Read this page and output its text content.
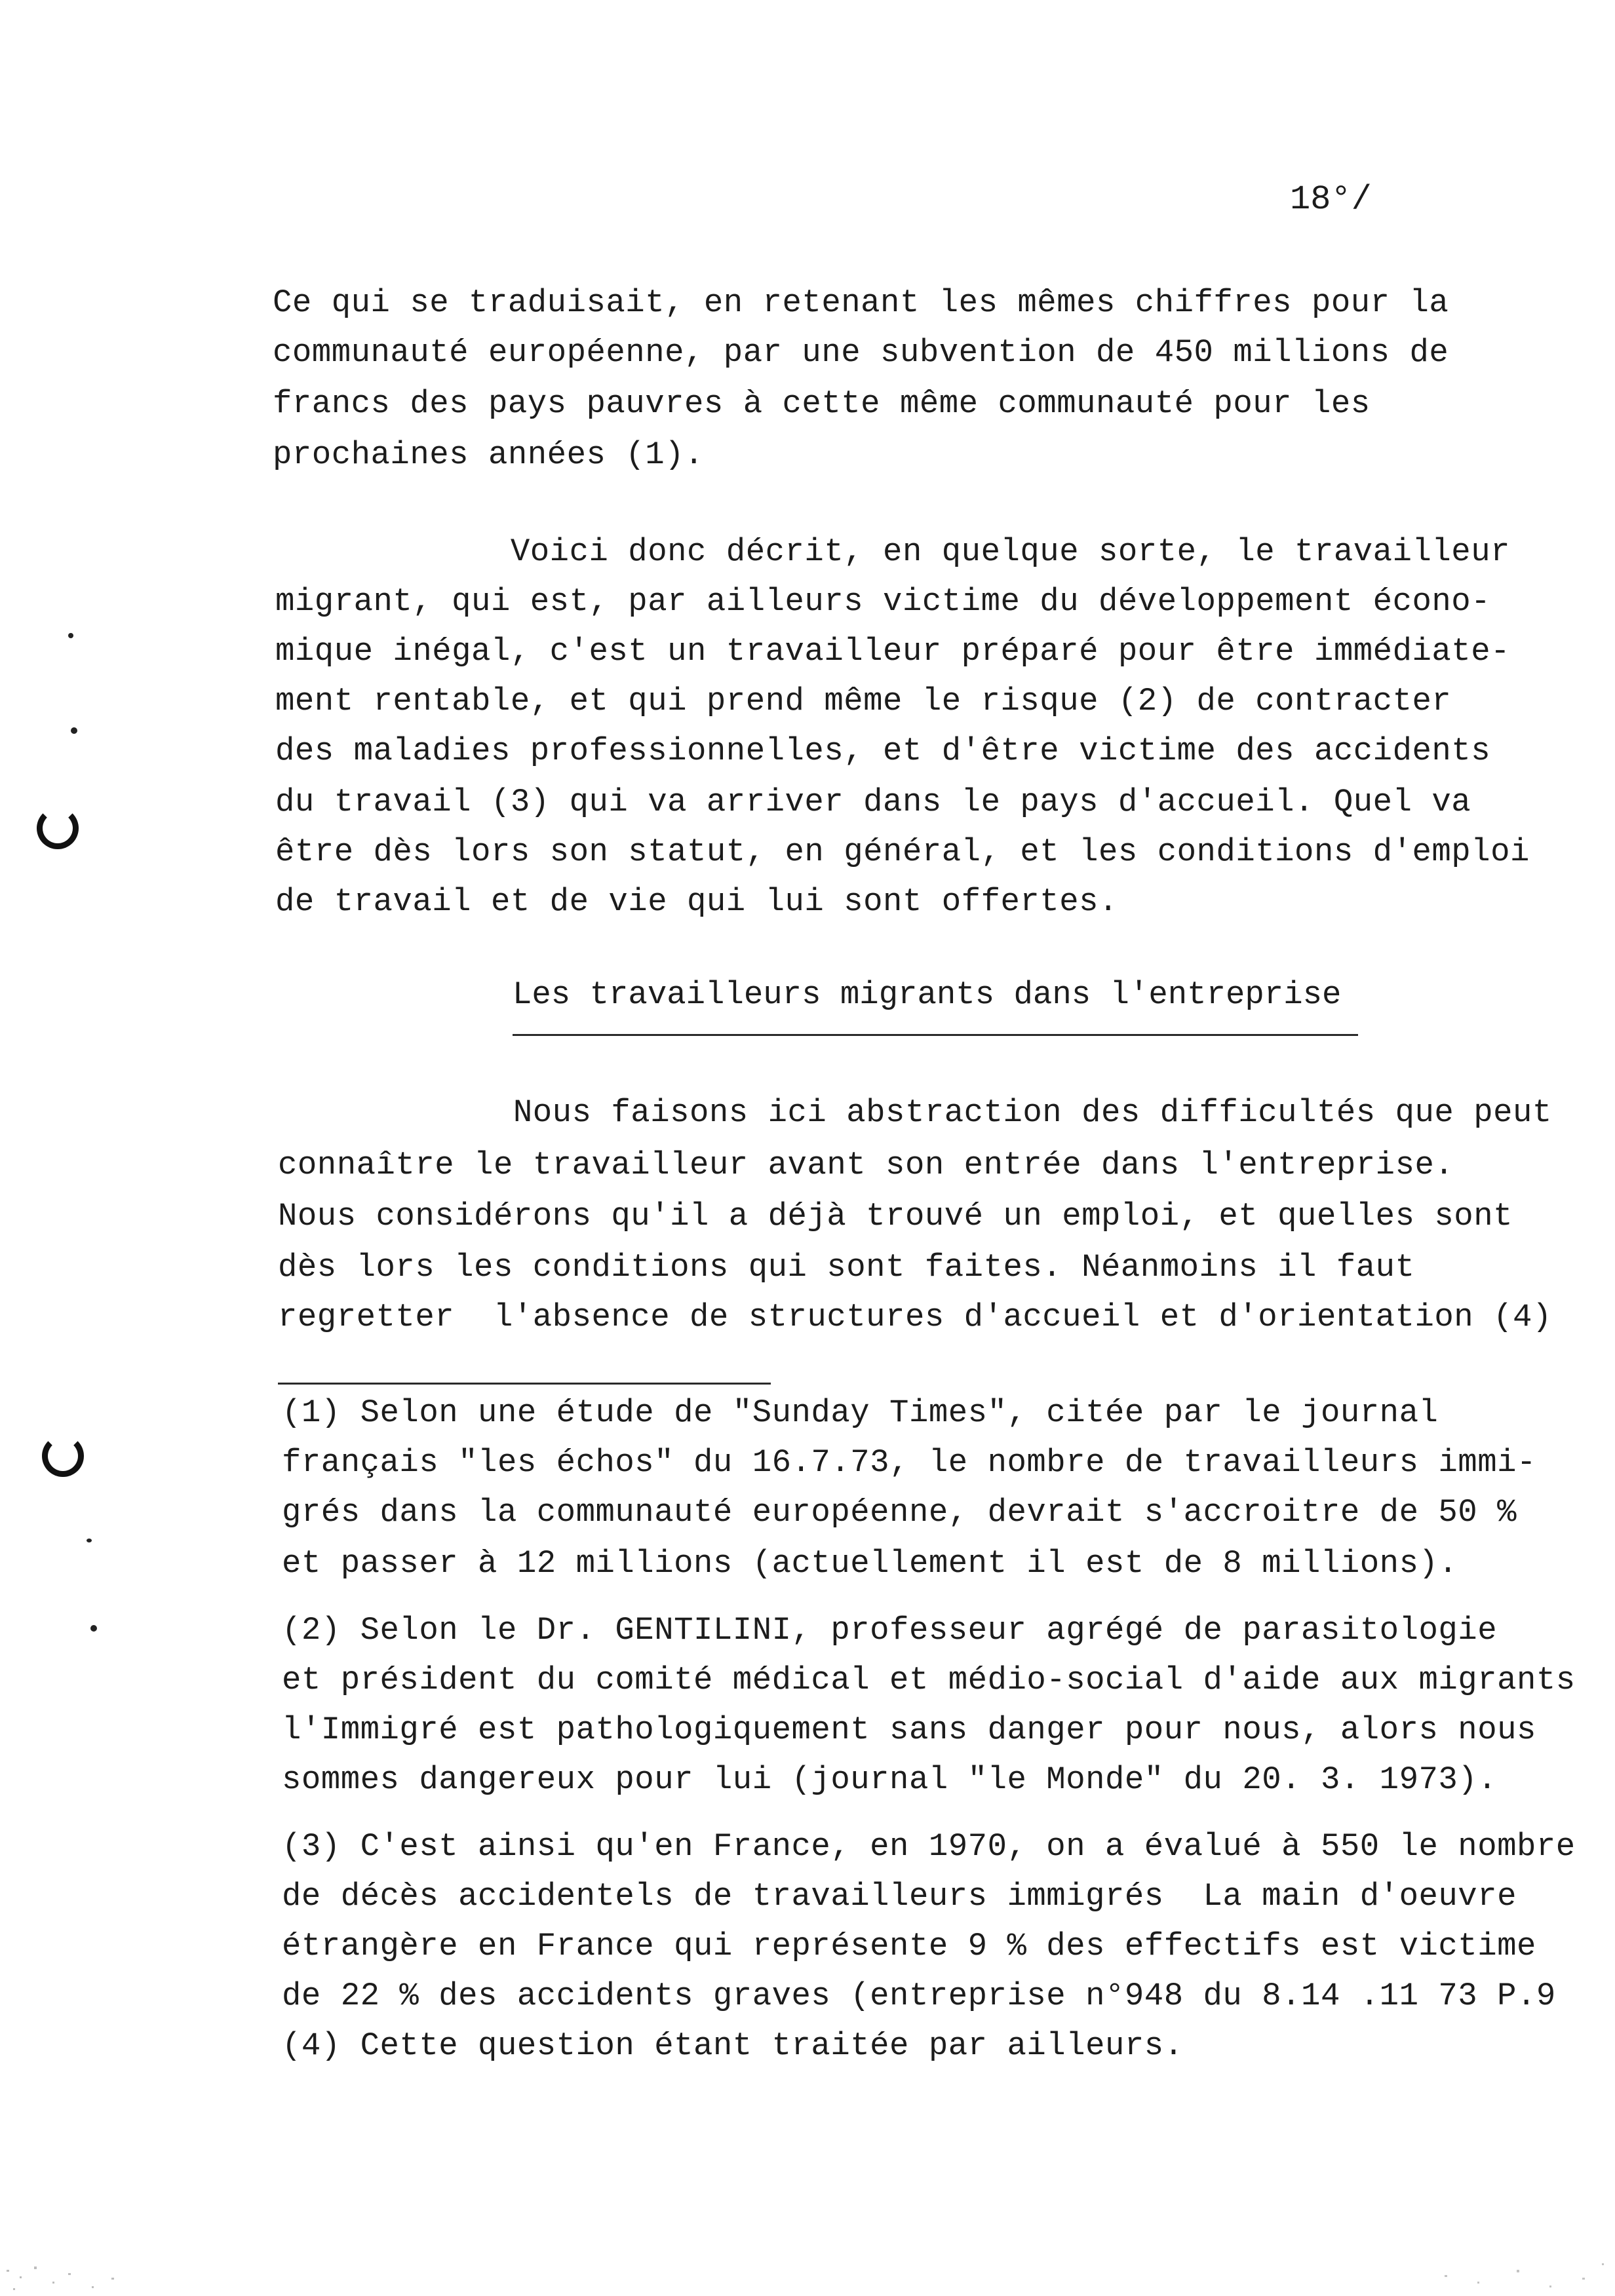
18°/
Ce qui se traduisait, en retenant les mêmes chiffres pour la
communauté européenne, par une subvention de 450 millions de
francs des pays pauvres à cette même communauté pour les
prochaines années (1).
Voici donc décrit, en quelque sorte, le travailleur
migrant, qui est, par ailleurs victime du développement écono-
mique inégal, c'est un travailleur préparé pour être immédiate-
ment rentable, et qui prend même le risque (2) de contracter
des maladies professionnelles, et d'être victime des accidents
du travail (3) qui va arriver dans le pays d'accueil. Quel va
être dès lors son statut, en général, et les conditions d'emploi
de travail et de vie qui lui sont offertes.
Les travailleurs migrants dans l'entreprise
Nous faisons ici abstraction des difficultés que peut
connaître le travailleur avant son entrée dans l'entreprise.
Nous considérons qu'il a déjà trouvé un emploi, et quelles sont
dès lors les conditions qui sont faites. Néanmoins il faut
regretter  l'absence de structures d'accueil et d'orientation (4)
(1) Selon une étude de "Sunday Times", citée par le journal
français "les échos" du 16.7.73, le nombre de travailleurs immi-
grés dans la communauté européenne, devrait s'accroitre de 50 %
et passer à 12 millions (actuellement il est de 8 millions).
(2) Selon le Dr. GENTILINI, professeur agrégé de parasitologie
et président du comité médical et médio-social d'aide aux migrants
l'Immigré est pathologiquement sans danger pour nous, alors nous
sommes dangereux pour lui (journal "le Monde" du 20. 3. 1973).
(3) C'est ainsi qu'en France, en 1970, on a évalué à 550 le nombre
de décès accidentels de travailleurs immigrés  La main d'oeuvre
étrangère en France qui représente 9 % des effectifs est victime
de 22 % des accidents graves (entreprise n°948 du 8.14 .11 73 P.9
(4) Cette question étant traitée par ailleurs.
